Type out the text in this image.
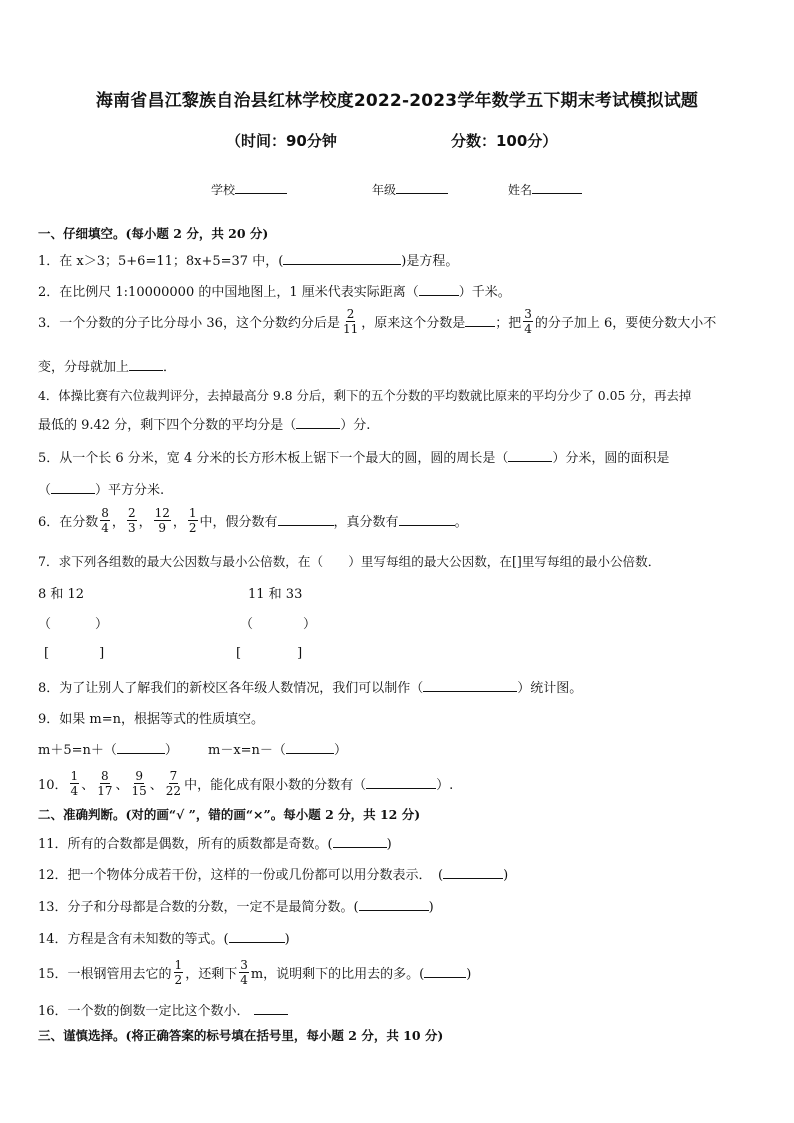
海南省昌江黎族自治县红林学校度2022-2023学年数学五下期末考试模拟试题
（时间：90分钟	分数：100分）
学校	年级	姓名
一、仔细填空。(每小题 2 分，共 20 分)
1．在 x＞3；5+6=11；8x+5=37 中，(	)是方程。
2．在比例尺 1:10000000 的中国地图上，1 厘米代表实际距离（	）千米。
3．一个分数的分子比分母小 36，这个分数约分后是 $\frac{2}{11}$ ，原来这个分数是 ；把 $\frac{3}{4}$ 的分子加上 6，要使分数大小不
变，分母就加上	．
4．体操比赛有六位裁判评分，去掉最高分 9.8 分后，剩下的五个分数的平均数就比原来的平均分少了 0.05 分，再去掉
最低的 9.42 分，剩下四个分数的平均分是（	）分.
5．从一个长 6 分米，宽 4 分米的长方形木板上锯下一个最大的圆，圆的周长是（	）分米，圆的面积是
（	）平方分米.
6．在分数 $\frac{8}{4}$ ， $\frac{2}{3}$ ， $\frac{12}{9}$ ， $\frac{1}{2}$ 中，假分数有	，真分数有	。
7．求下列各组数的最大公因数与最小公倍数，在（　　）里写每组的最大公因数，在[]里写每组的最小公倍数．
8 和 12	11 和 33
（	）	（	）
[	]	[	]
8．为了让别人了解我们的新校区各年级人数情况，我们可以制作（	）统计图。
9．如果 m=n，根据等式的性质填空。
m＋5=n＋（	） m－x=n－（	）
10． $\frac{1}{4}$ 、 $\frac{8}{17}$ 、 $\frac{9}{15}$ 、 $\frac{7}{22}$ 中，能化成有限小数的分数有（	）.
二、准确判断。(对的画“√ ”，错的画“×”。每小题 2 分，共 12 分)
11．所有的合数都是偶数，所有的质数都是奇数。(	)
12．把一个物体分成若干份，这样的一份或几份都可以用分数表示．　(	)
13．分子和分母都是合数的分数，一定不是最简分数。(	)
14．方程是含有未知数的等式。(	)
15．一根钢管用去它的 $\frac{1}{2}$ ，还剩下 $\frac{3}{4}$ m，说明剩下的比用去的多。(	)
16．一个数的倒数一定比这个数小．
三、谨慎选择。(将正确答案的标号填在括号里，每小题 2 分，共 10 分)
